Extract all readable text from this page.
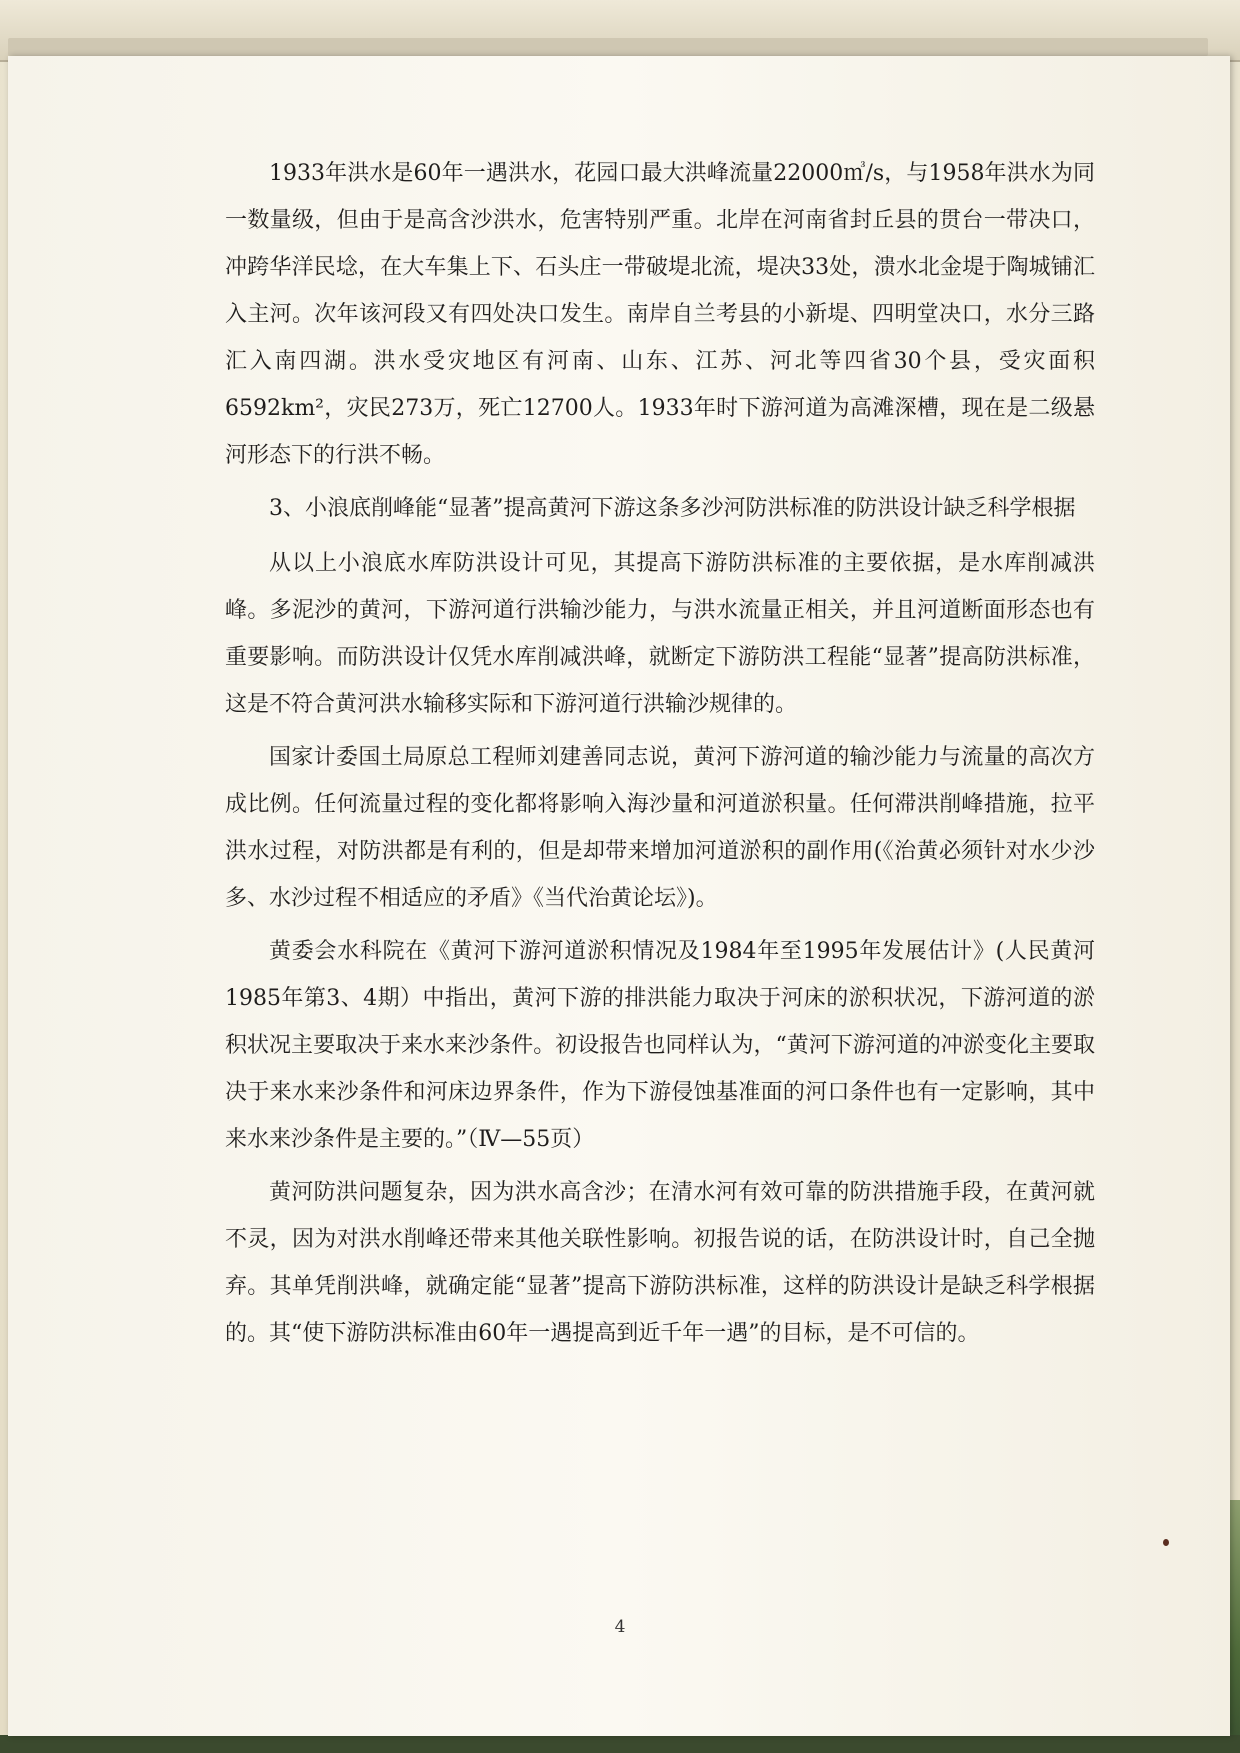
1933年洪水是60年一遇洪水，花园口最大洪峰流量22000㎥/s，与1958年洪水为同一数量级，但由于是高含沙洪水，危害特别严重。北岸在河南省封丘县的贯台一带决口，冲跨华洋民埝，在大车集上下、石头庄一带破堤北流，堤决33处，溃水北金堤于陶城铺汇入主河。次年该河段又有四处决口发生。南岸自兰考县的小新堤、四明堂决口，水分三路汇入南四湖。洪水受灾地区有河南、山东、江苏、河北等四省30个县，受灾面积6592km²，灾民273万，死亡12700人。1933年时下游河道为高滩深槽，现在是二级悬河形态下的行洪不畅。

3、小浪底削峰能“显著”提高黄河下游这条多沙河防洪标准的防洪设计缺乏科学根据

从以上小浪底水库防洪设计可见，其提高下游防洪标准的主要依据，是水库削减洪峰。多泥沙的黄河，下游河道行洪输沙能力，与洪水流量正相关，并且河道断面形态也有重要影响。而防洪设计仅凭水库削减洪峰，就断定下游防洪工程能“显著”提高防洪标准，这是不符合黄河洪水输移实际和下游河道行洪输沙规律的。

国家计委国土局原总工程师刘建善同志说，黄河下游河道的输沙能力与流量的高次方成比例。任何流量过程的变化都将影响入海沙量和河道淤积量。任何滞洪削峰措施，拉平洪水过程，对防洪都是有利的，但是却带来增加河道淤积的副作用(《治黄必须针对水少沙多、水沙过程不相适应的矛盾》《当代治黄论坛》)。

黄委会水科院在《黄河下游河道淤积情况及1984年至1995年发展估计》(人民黄河 1985年第3、4期）中指出，黄河下游的排洪能力取决于河床的淤积状况，下游河道的淤积状况主要取决于来水来沙条件。初设报告也同样认为，“黄河下游河道的冲淤变化主要取决于来水来沙条件和河床边界条件，作为下游侵蚀基准面的河口条件也有一定影响，其中来水来沙条件是主要的。”（Ⅳ—55页）

黄河防洪问题复杂，因为洪水高含沙；在清水河有效可靠的防洪措施手段，在黄河就不灵，因为对洪水削峰还带来其他关联性影响。初报告说的话，在防洪设计时，自己全抛弃。其单凭削洪峰，就确定能“显著”提高下游防洪标准，这样的防洪设计是缺乏科学根据的。其“使下游防洪标准由60年一遇提高到近千年一遇”的目标，是不可信的。

4
